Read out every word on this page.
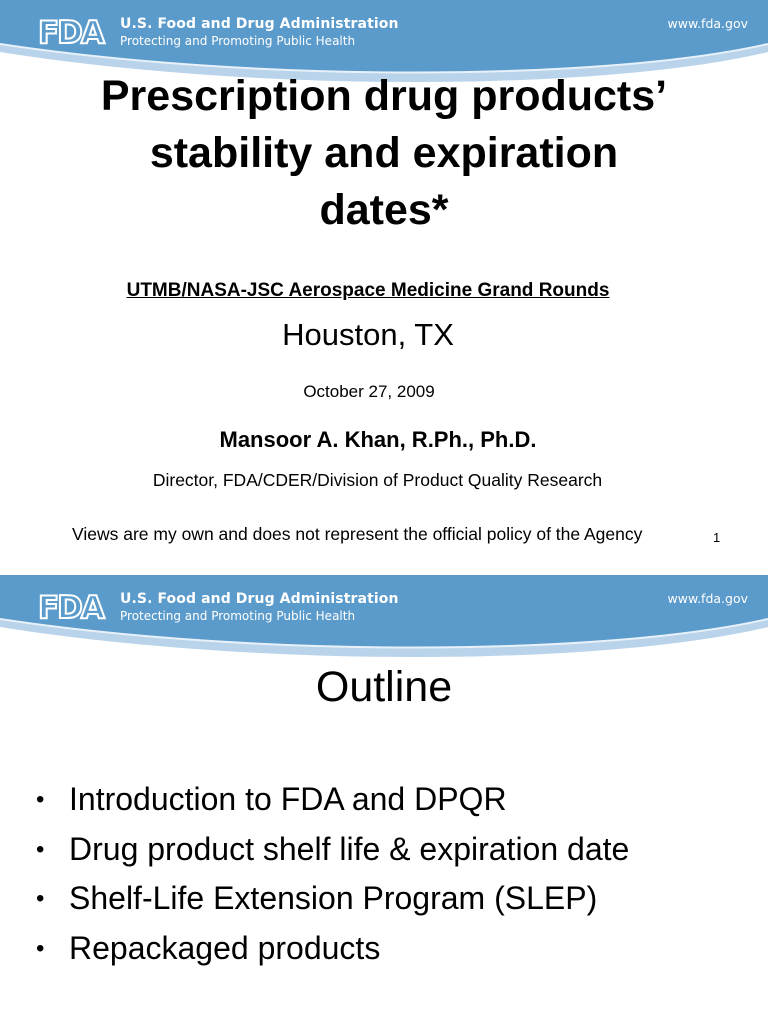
FDA U.S. Food and Drug Administration
Protecting and Promoting Public Health
www.fda.gov
Prescription drug products’
stability and expiration
dates*
UTMB/NASA-JSC Aerospace Medicine Grand Rounds
Houston, TX
October 27, 2009
Mansoor A. Khan, R.Ph., Ph.D.
Director, FDA/CDER/Division of Product Quality Research
Views are my own and does not represent the official policy of the Agency	1
FDA U.S. Food and Drug Administration
Protecting and Promoting Public Health
www.fda.gov
Outline
• Introduction to FDA and DPQR
• Drug product shelf life & expiration date
• Shelf-Life Extension Program (SLEP)
• Repackaged products
